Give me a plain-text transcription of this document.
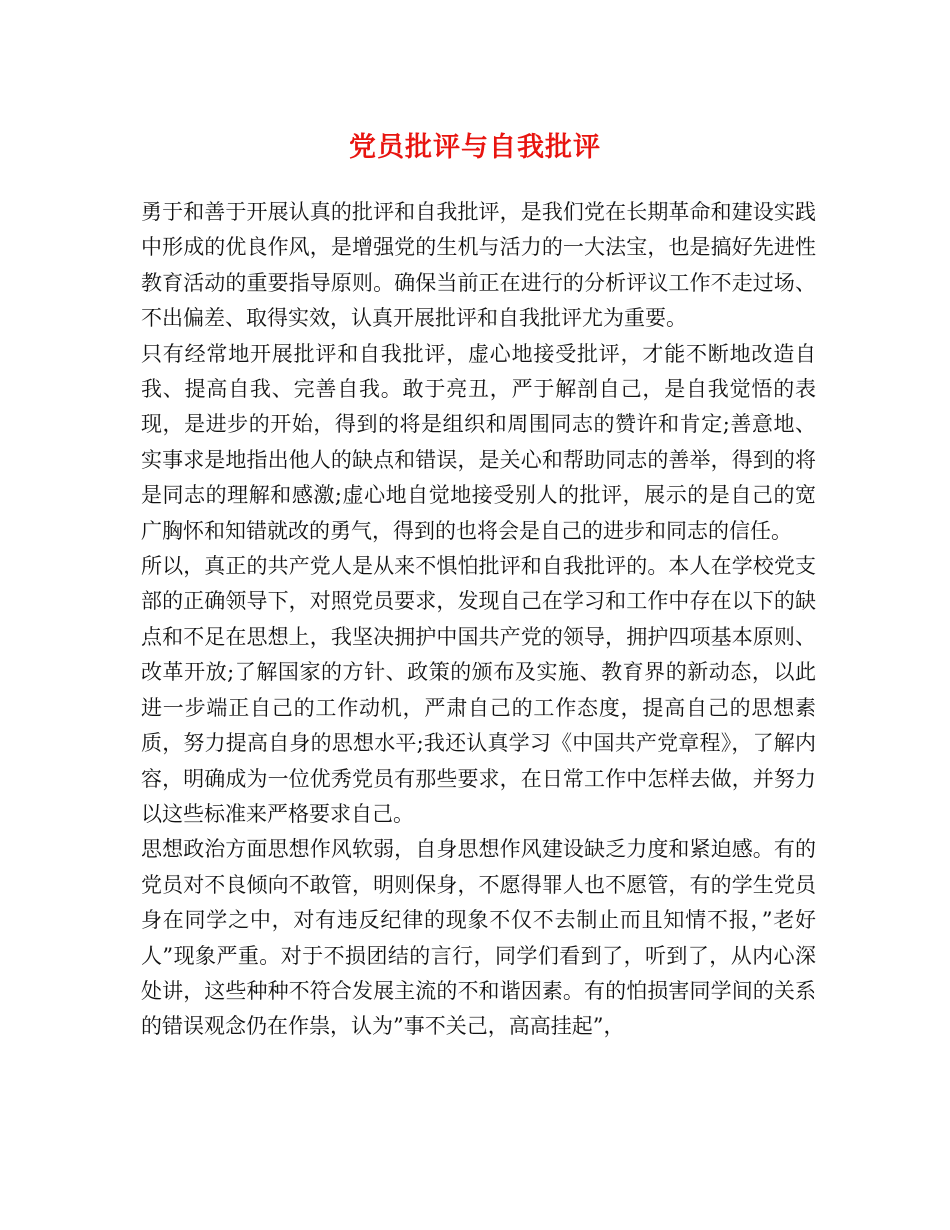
党员批评与自我批评

勇于和善于开展认真的批评和自我批评，是我们党在长期革命和建设实践中形成的优良作风，是增强党的生机与活力的一大法宝，也是搞好先进性教育活动的重要指导原则。确保当前正在进行的分析评议工作不走过场、不出偏差、取得实效，认真开展批评和自我批评尤为重要。

只有经常地开展批评和自我批评，虚心地接受批评，才能不断地改造自我、提高自我、完善自我。敢于亮丑，严于解剖自己，是自我觉悟的表现，是进步的开始，得到的将是组织和周围同志的赞许和肯定;善意地、实事求是地指出他人的缺点和错误，是关心和帮助同志的善举，得到的将是同志的理解和感激;虚心地自觉地接受别人的批评，展示的是自己的宽广胸怀和知错就改的勇气，得到的也将会是自己的进步和同志的信任。

所以，真正的共产党人是从来不惧怕批评和自我批评的。本人在学校党支部的正确领导下，对照党员要求，发现自己在学习和工作中存在以下的缺点和不足在思想上，我坚决拥护中国共产党的领导，拥护四项基本原则、改革开放;了解国家的方针、政策的颁布及实施、教育界的新动态，以此进一步端正自己的工作动机，严肃自己的工作态度，提高自己的思想素质，努力提高自身的思想水平;我还认真学习《中国共产党章程》，了解内容，明确成为一位优秀党员有那些要求，在日常工作中怎样去做，并努力以这些标准来严格要求自己。

思想政治方面思想作风软弱，自身思想作风建设缺乏力度和紧迫感。有的党员对不良倾向不敢管，明则保身，不愿得罪人也不愿管，有的学生党员身在同学之中，对有违反纪律的现象不仅不去制止而且知情不报，”老好人”现象严重。对于不损团结的言行，同学们看到了，听到了，从内心深处讲，这些种种不符合发展主流的不和谐因素。有的怕损害同学间的关系的错误观念仍在作祟，认为”事不关己，高高挂起”，
